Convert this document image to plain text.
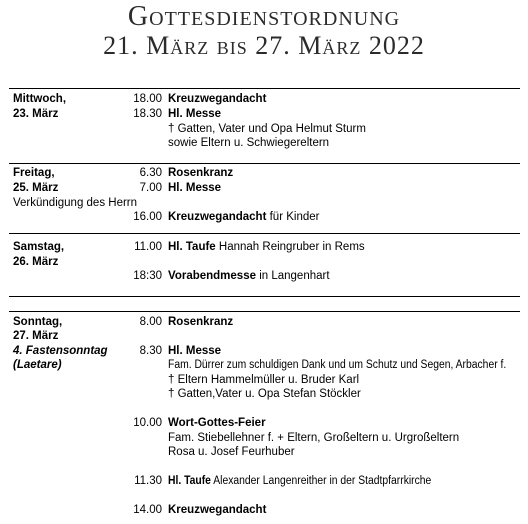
Gottesdienstordnung
21. März bis 27. März 2022
Mittwoch,
23. März
18.00 Kreuzwegandacht
18.30 Hl. Messe
† Gatten, Vater und Opa Helmut Sturm
sowie Eltern u. Schwiegereltern
Freitag,
25. März
Verkündigung des Herrn
6.30 Rosenkranz
7.00 Hl. Messe
16.00 Kreuzwegandacht für Kinder
Samstag,
26. März
11.00 Hl. Taufe Hannah Reingruber in Rems
18:30 Vorabendmesse in Langenhart
Sonntag,
27. März
4. Fastensonntag
(Laetare)
8.00 Rosenkranz
8.30 Hl. Messe
Fam. Dürrer zum schuldigen Dank und um Schutz und Segen, Arbacher f.
† Eltern Hammelmüller u. Bruder Karl
† Gatten,Vater u. Opa Stefan Stöckler
10.00 Wort-Gottes-Feier
Fam. Stiebellehner f. + Eltern, Großeltern u. Urgroßeltern
Rosa u. Josef Feurhuber
11.30 Hl. Taufe Alexander Langenreither in der Stadtpfarrkirche
14.00 Kreuzwegandacht
